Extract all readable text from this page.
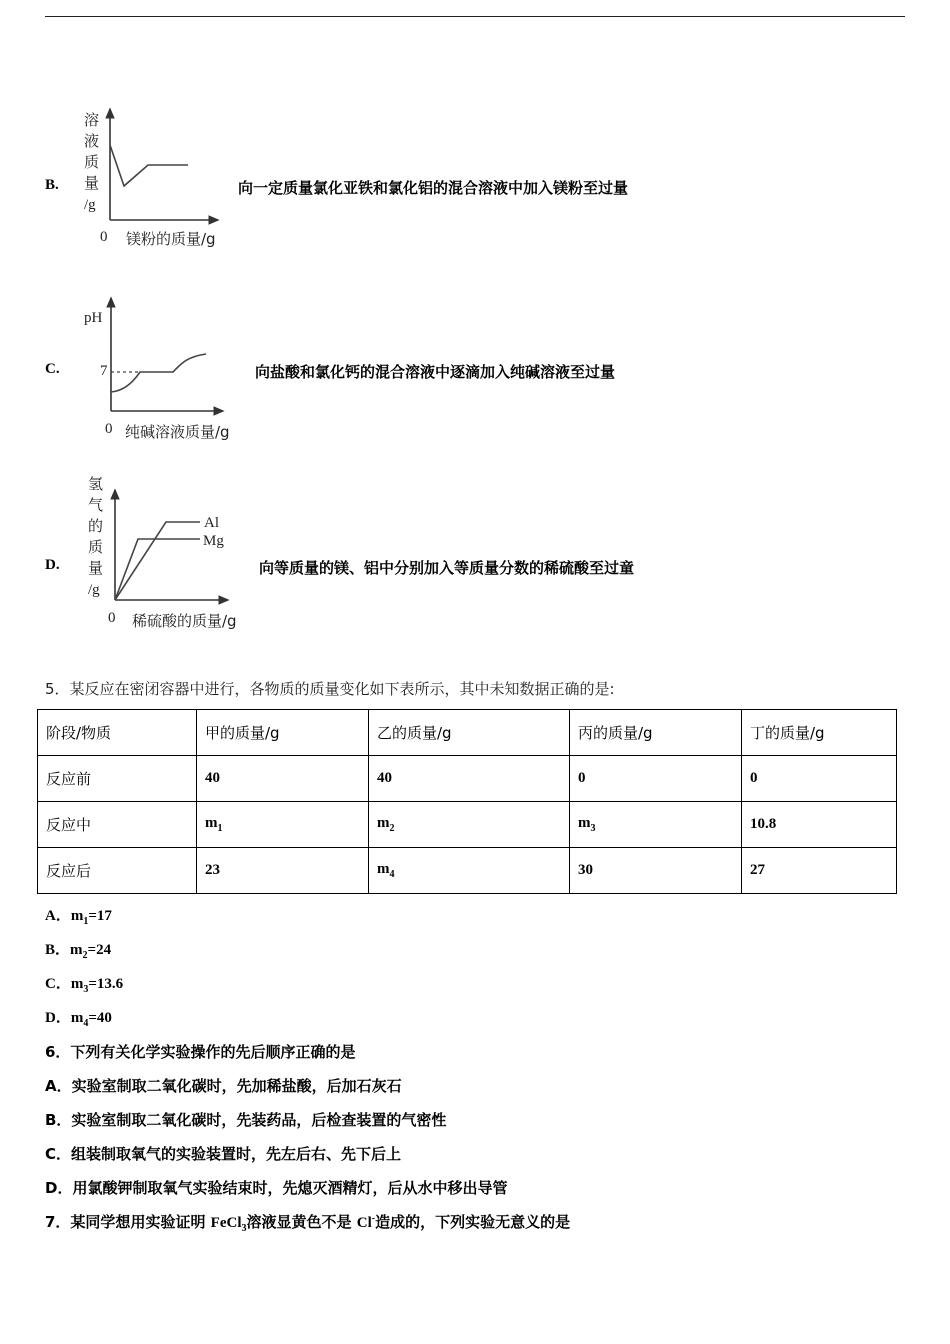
B.
溶
液
质
量
/g
0 镁粉的质量/g
向一定质量氯化亚铁和氯化铝的混合溶液中加入镁粉至过量
C.
pH
7
0 纯碱溶液质量/g
向盐酸和氯化钙的混合溶液中逐滴加入纯碱溶液至过量
D.
Al
Mg
氢
气
的
质
量
/g
0 稀硫酸的质量/g
向等质量的镁、铝中分别加入等质量分数的稀硫酸至过童
5．某反应在密闭容器中进行，各物质的质量变化如下表所示，其中未知数据正确的是:
阶段/物质	甲的质量/g	乙的质量/g	丙的质量/g	丁的质量/g
反应前	40	40	0	0
反应中	$m_1$	$m_2$	$m_3$	10.8
反应后	23	$m_4$	30	27
A．$m_1=17$
B．$m_2=24$
C．$m_3=13.6$
D．$m_4=40$
6．下列有关化学实验操作的先后顺序正确的是
A．实验室制取二氧化碳时，先加稀盐酸，后加石灰石
B．实验室制取二氧化碳时，先装药品，后检查装置的气密性
C．组装制取氧气的实验装置时，先左后右、先下后上
D．用氯酸钾制取氧气实验结束时，先熄灭酒精灯，后从水中移出导管
7．某同学想用实验证明 FeCl$_3$溶液显黄色不是 Cl-造成的，下列实验无意义的是
